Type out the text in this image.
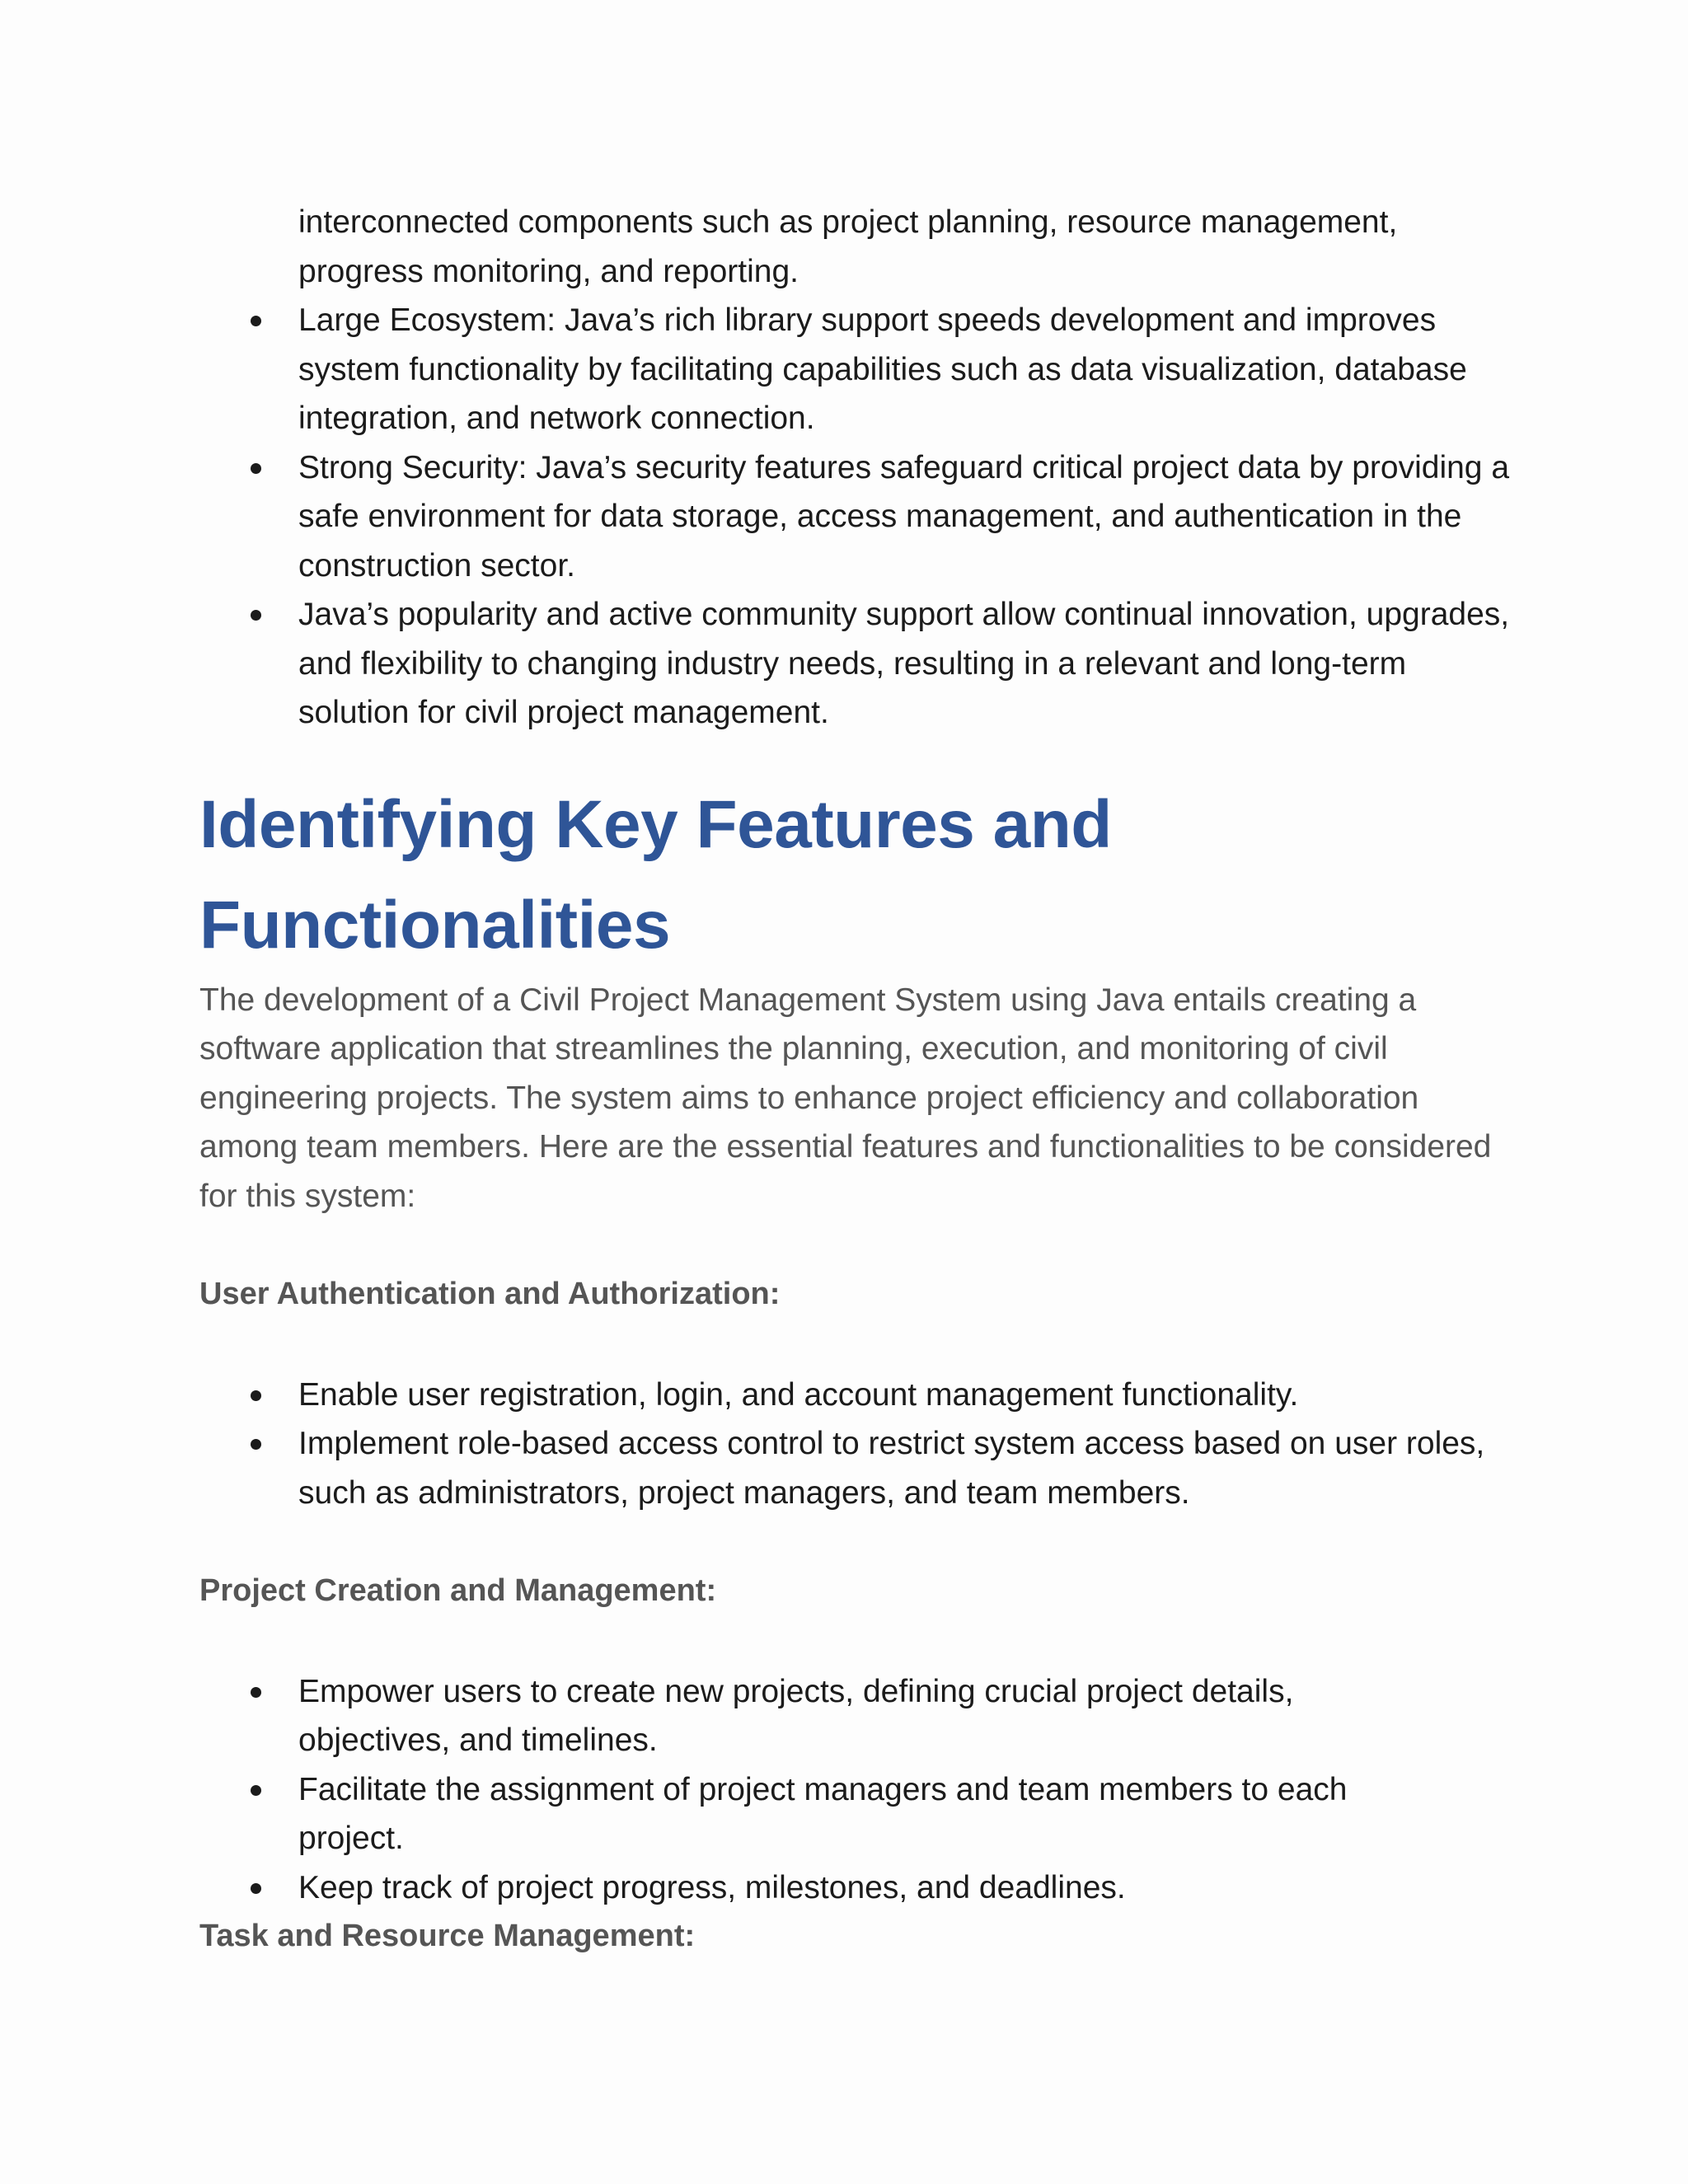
interconnected components such as project planning, resource management, progress monitoring, and reporting.
Large Ecosystem: Java’s rich library support speeds development and improves system functionality by facilitating capabilities such as data visualization, database integration, and network connection.
Strong Security: Java’s security features safeguard critical project data by providing a safe environment for data storage, access management, and authentication in the construction sector.
Java’s popularity and active community support allow continual innovation, upgrades, and flexibility to changing industry needs, resulting in a relevant and long-term solution for civil project management.
Identifying Key Features and Functionalities

The development of a Civil Project Management System using Java entails creating a software application that streamlines the planning, execution, and monitoring of civil engineering projects. The system aims to enhance project efficiency and collaboration among team members. Here are the essential features and functionalities to be considered for this system:

User Authentication and Authorization:
Enable user registration, login, and account management functionality.
Implement role-based access control to restrict system access based on user roles, such as administrators, project managers, and team members.
Project Creation and Management:
Empower users to create new projects, defining crucial project details, objectives, and timelines.
Facilitate the assignment of project managers and team members to each project.
Keep track of project progress, milestones, and deadlines.
Task and Resource Management:
